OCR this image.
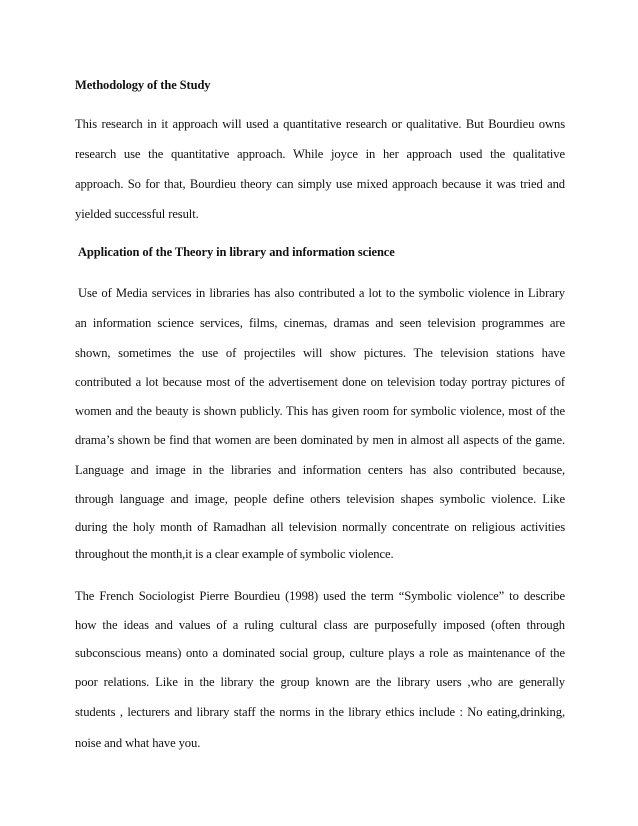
Methodology of the Study
This research in it approach will used a quantitative research or qualitative. But Bourdieu owns
research use the quantitative approach. While joyce in her approach used the qualitative
approach. So for that, Bourdieu theory can simply use mixed approach because it was tried and
yielded successful result.
Application of the Theory in library and information science
Use of Media services in libraries has also contributed a lot to the symbolic violence in Library
an information science services, films, cinemas, dramas and seen television programmes are
shown, sometimes the use of projectiles will show pictures. The television stations have
contributed a lot because most of the advertisement done on television today portray pictures of
women and the beauty is shown publicly. This has given room for symbolic violence, most of the
drama’s shown be find that women are been dominated by men in almost all aspects of the game.
Language and image in the libraries and information centers has also contributed because,
through language and image, people define others television shapes symbolic violence. Like
during the holy month of Ramadhan all television normally concentrate on religious activities
throughout the month,it is a clear example of symbolic violence.
The French Sociologist Pierre Bourdieu (1998) used the term “Symbolic violence” to describe
how the ideas and values of a ruling cultural class are purposefully imposed (often through
subconscious means) onto a dominated social group, culture plays a role as maintenance of the
poor relations. Like in the library the group known are the library users ,who are generally
students , lecturers and library staff the norms in the library ethics include : No eating,drinking,
noise and what have you.
